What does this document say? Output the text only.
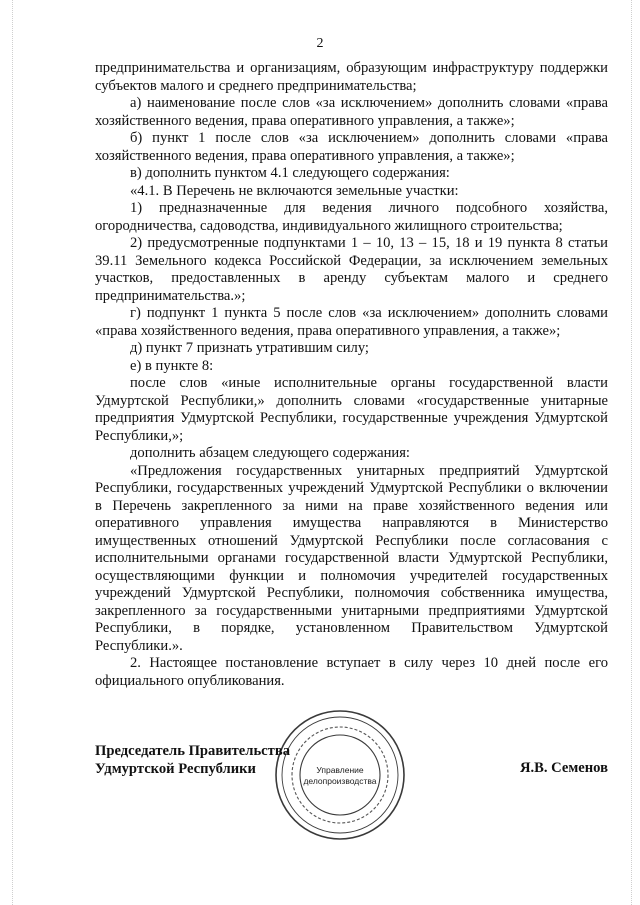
2

предпринимательства и организациям, образующим инфраструктуру поддержки субъектов малого и среднего предпринимательства;

а) наименование после слов «за исключением» дополнить словами «права хозяйственного ведения, права оперативного управления, а также»;

б) пункт 1 после слов «за исключением» дополнить словами «права хозяйственного ведения, права оперативного управления, а также»;

в) дополнить пунктом 4.1 следующего содержания:

«4.1. В Перечень не включаются земельные участки:

1) предназначенные для ведения личного подсобного хозяйства, огородничества, садоводства, индивидуального жилищного строительства;

2) предусмотренные подпунктами 1 – 10, 13 – 15, 18 и 19 пункта 8 статьи 39.11 Земельного кодекса Российской Федерации, за исключением земельных участков, предоставленных в аренду субъектам малого и среднего предпринимательства.»;

г) подпункт 1 пункта 5 после слов «за исключением» дополнить словами «права хозяйственного ведения, права оперативного управления, а также»;

д) пункт 7 признать утратившим силу;

е) в пункте 8:

после слов «иные исполнительные органы государственной власти Удмуртской Республики,» дополнить словами «государственные унитарные предприятия Удмуртской Республики, государственные учреждения Удмуртской Республики,»;

дополнить абзацем следующего содержания:

«Предложения государственных унитарных предприятий Удмуртской Республики, государственных учреждений Удмуртской Республики о включении в Перечень закрепленного за ними на праве хозяйственного ведения или оперативного управления имущества направляются в Министерство имущественных отношений Удмуртской Республики после согласования с исполнительными органами государственной власти Удмуртской Республики, осуществляющими функции и полномочия учредителей государственных учреждений Удмуртской Республики, полномочия собственника имущества, закрепленного за государственными унитарными предприятиями Удмуртской Республики, в порядке, установленном Правительством Удмуртской Республики.».

2. Настоящее постановление вступает в силу через 10 дней после его официального опубликования.

Управление
делопроизводства
Председатель Правительства
Удмуртской Республики	Я.В. Семенов
